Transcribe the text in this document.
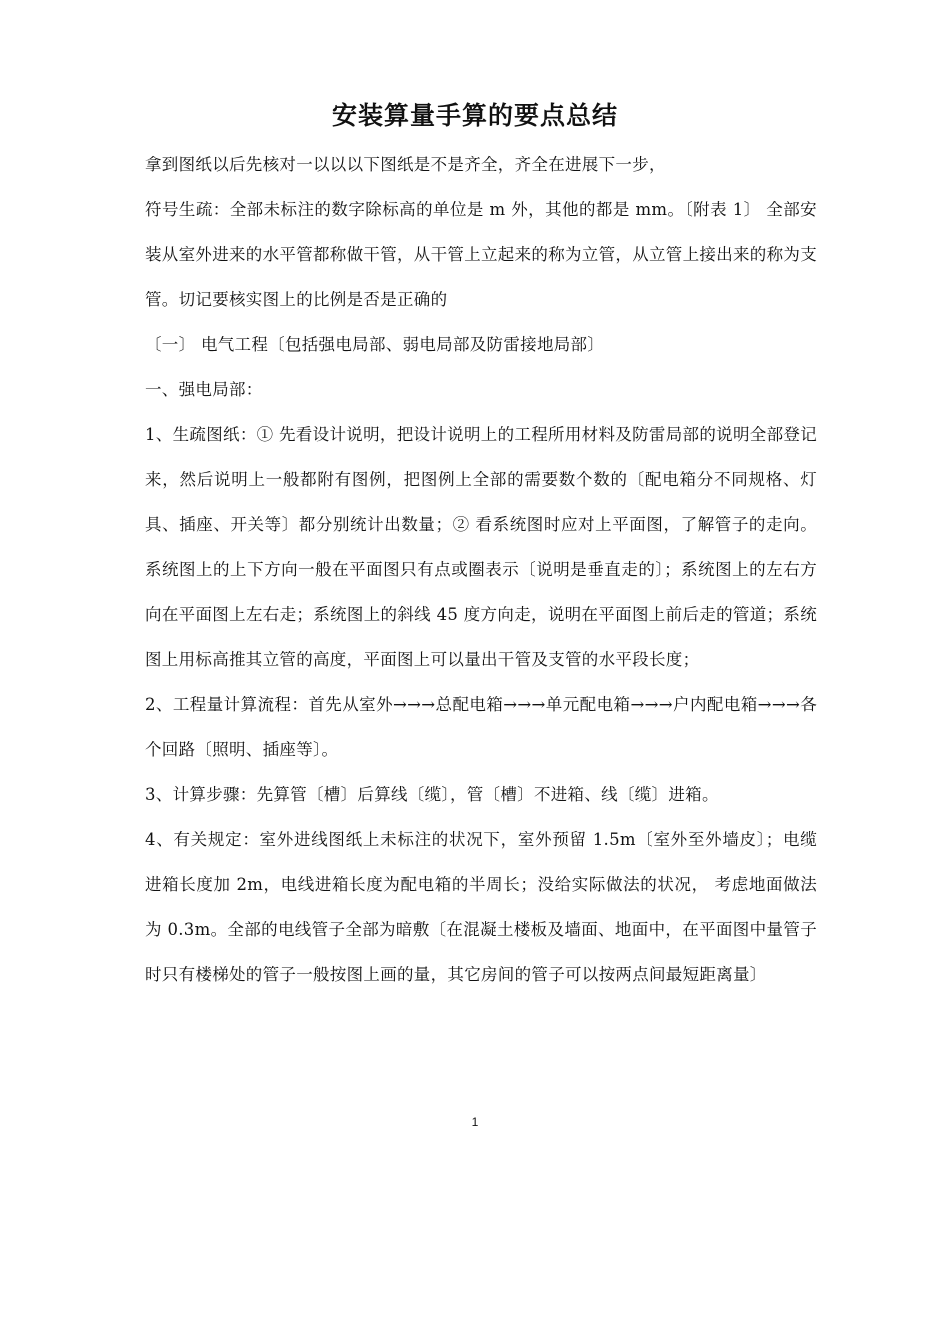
安装算量手算的要点总结

拿到图纸以后先核对一以以以下图纸是不是齐全，齐全在进展下一步，

符号生疏：全部未标注的数字除标高的单位是 m 外，其他的都是 mm。〔附表 1〕 全部安装从室外进来的水平管都称做干管，从干管上立起来的称为立管，从立管上接出来的称为支管。切记要核实图上的比例是否是正确的

〔一〕 电气工程〔包括强电局部、弱电局部及防雷接地局部〕

一、强电局部：

1、生疏图纸：① 先看设计说明，把设计说明上的工程所用材料及防雷局部的说明全部登记来，然后说明上一般都附有图例，把图例上全部的需要数个数的〔配电箱分不同规格、灯具、插座、开关等〕都分别统计出数量；② 看系统图时应对上平面图，了解管子的走向。系统图上的上下方向一般在平面图只有点或圈表示〔说明是垂直走的〕；系统图上的左右方向在平面图上左右走；系统图上的斜线 45 度方向走，说明在平面图上前后走的管道；系统图上用标高推其立管的高度，平面图上可以量出干管及支管的水平段长度；

2、工程量计算流程：首先从室外→→→总配电箱→→→单元配电箱→→→户内配电箱→→→各个回路〔照明、插座等〕。

3、计算步骤：先算管〔槽〕后算线〔缆〕，管〔槽〕不进箱、线〔缆〕进箱。

4、有关规定：室外进线图纸上未标注的状况下，室外预留 1.5m〔室外至外墙皮〕；电缆进箱长度加 2m，电线进箱长度为配电箱的半周长；没给实际做法的状况， 考虑地面做法为 0.3m。全部的电线管子全部为暗敷〔在混凝土楼板及墙面、地面中，在平面图中量管子时只有楼梯处的管子一般按图上画的量，其它房间的管子可以按两点间最短距离量〕

1
